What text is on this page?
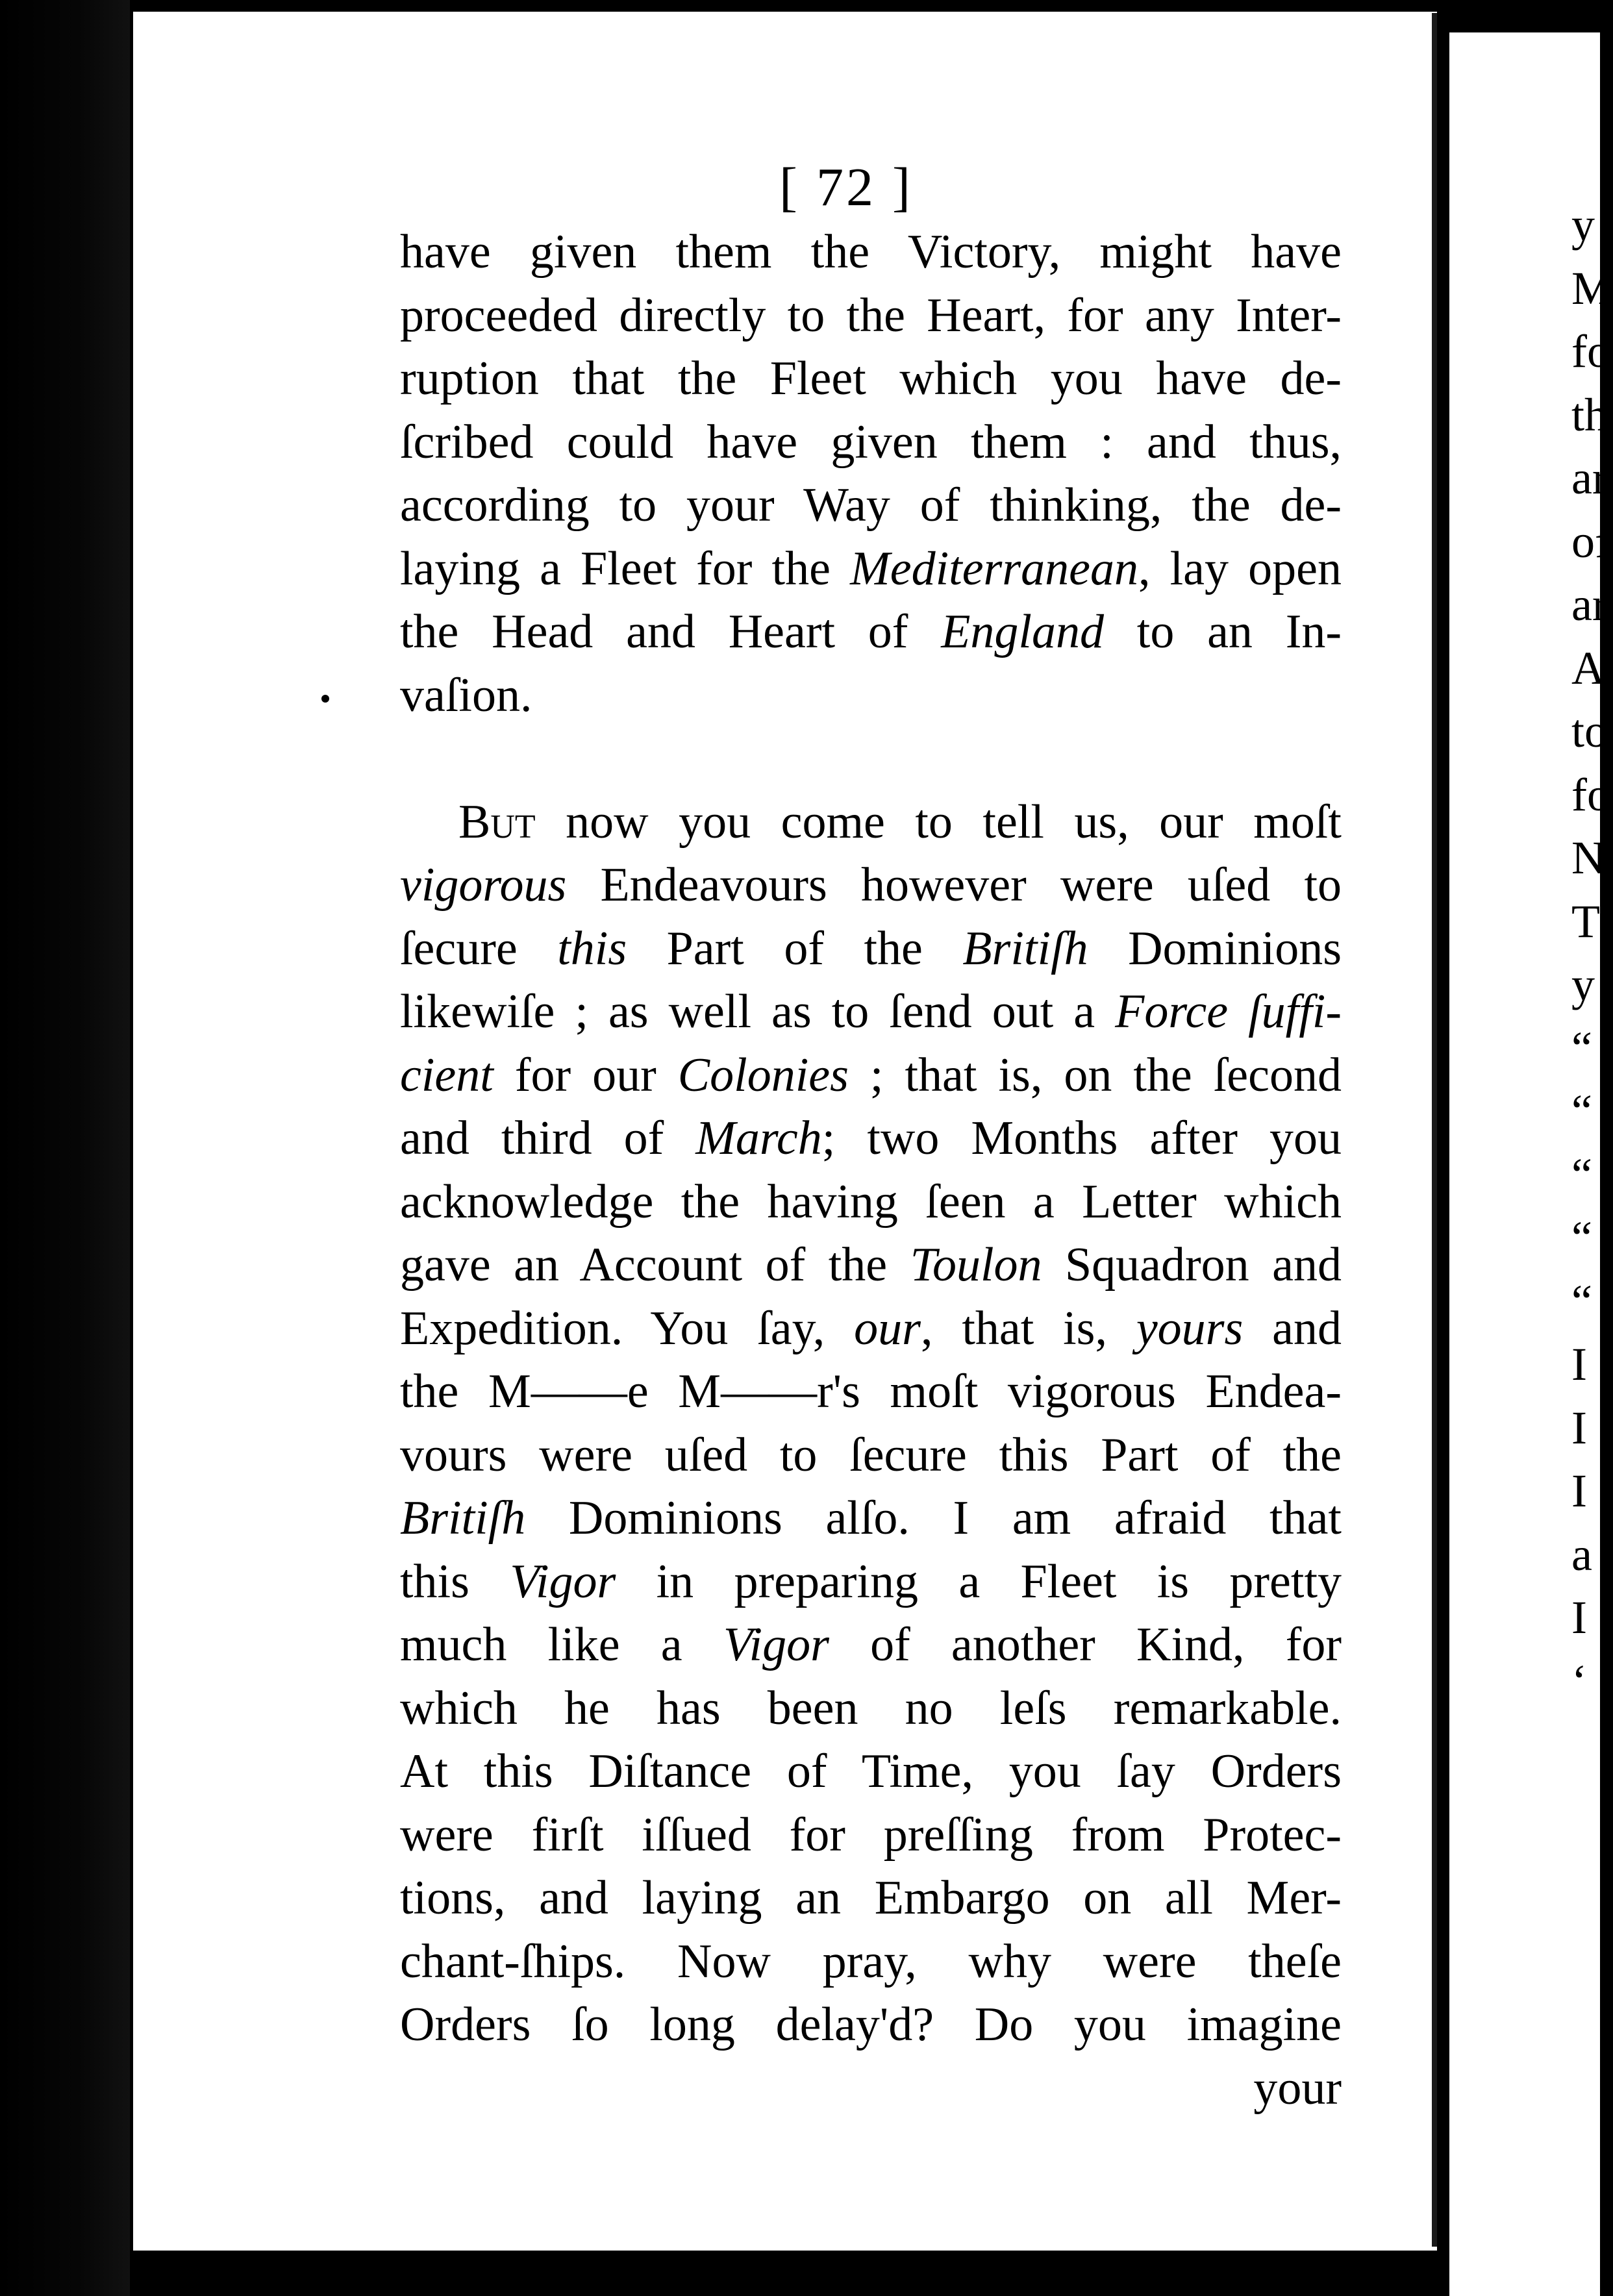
y
M
fo
th
ar
of
ar
A
to
fo
N
T
y
“
“
“
“
“
I
I
I
a
I
‘
[ 72 ]
have given them the Victory, might have
proceeded directly to the Heart, for any Inter-
ruption that the Fleet which you have de-
ſcribed could have given them : and thus,
according to your Way of thinking, the de-
laying a Fleet for the Mediterranean, lay open
the Head and Heart of England to an In-
vaſion.
But now you come to tell us, our moſt
vigorous Endeavours however were uſed to
ſecure this Part of the Britiſh Dominions
likewiſe ; as well as to ſend out a Force ſuffi-
cient for our Colonies ; that is, on the ſecond
and third of March; two Months after you
acknowledge the having ſeen a Letter which
gave an Account of the Toulon Squadron and
Expedition. You ſay, our, that is, yours and
the M——e M——r's moſt vigorous Endea-
vours were uſed to ſecure this Part of the
Britiſh Dominions alſo. I am afraid that
this Vigor in preparing a Fleet is pretty
much like a Vigor of another Kind, for
which he has been no leſs remarkable.
At this Diſtance of Time, you ſay Orders
were firſt iſſued for preſſing from Protec-
tions, and laying an Embargo on all Mer-
chant-ſhips. Now pray, why were theſe
Orders ſo long delay'd? Do you imagine
your
